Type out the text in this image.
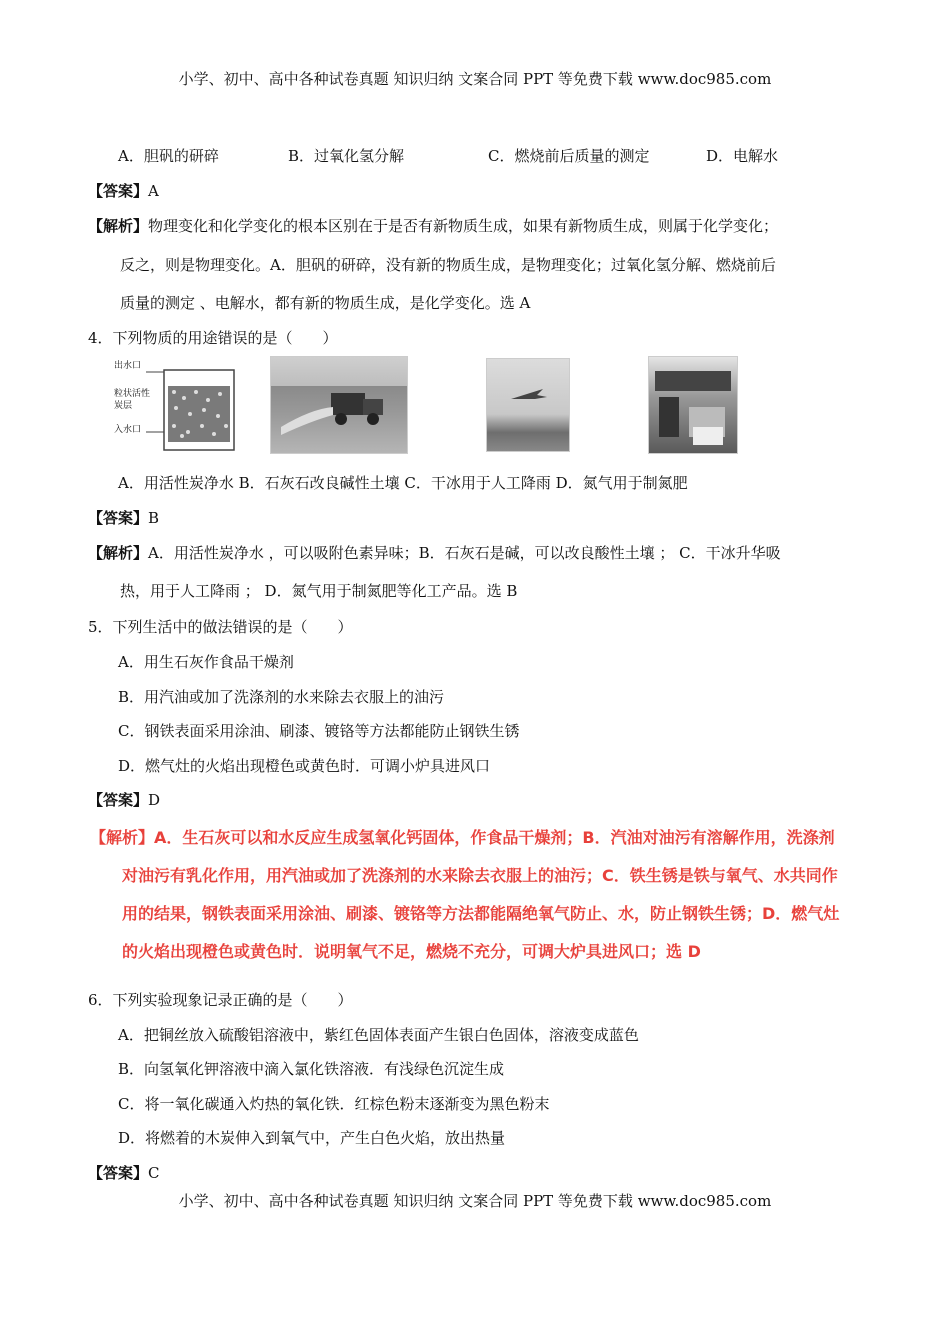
小学、初中、高中各种试卷真题 知识归纳 文案合同 PPT 等免费下载 www.doc985.com
A．胆矾的研碎	B．过氧化氢分解	C．燃烧前后质量的测定	D．电解水
【答案】A
【解析】物理变化和化学变化的根本区别在于是否有新物质生成，如果有新物质生成，则属于化学变化；
反之，则是物理变化。A．胆矾的研碎，没有新的物质生成，是物理变化；过氧化氢分解、燃烧前后
质量的测定 、电解水，都有新的物质生成，是化学变化。选 A
4．下列物质的用途错误的是（　　）
出水口
粒状活性炭层
入水口
A．用活性炭净水 B．石灰石改良碱性土壤 C．干冰用于人工降雨 D．氮气用于制氮肥
【答案】B
【解析】A．用活性炭净水 ，可以吸附色素异味；B．石灰石是碱，可以改良酸性土壤 ； C．干冰升华吸
热，用于人工降雨 ； D．氮气用于制氮肥等化工产品。选 B
5．下列生活中的做法错误的是（　　）
A．用生石灰作食品干燥剂
B．用汽油或加了洗涤剂的水来除去衣服上的油污
C．钢铁表面采用涂油、刷漆、镀铬等方法都能防止钢铁生锈
D．燃气灶的火焰出现橙色或黄色时．可调小炉具进风口
【答案】D
【解析】A．生石灰可以和水反应生成氢氧化钙固体，作食品干燥剂；B．汽油对油污有溶解作用，洗涤剂
对油污有乳化作用，用汽油或加了洗涤剂的水来除去衣服上的油污；C．铁生锈是铁与氧气、水共同作
用的结果，钢铁表面采用涂油、刷漆、镀铬等方法都能隔绝氧气防止、水，防止钢铁生锈；D．燃气灶
的火焰出现橙色或黄色时．说明氧气不足，燃烧不充分，可调大炉具进风口；选 D
6．下列实验现象记录正确的是（　　）
A．把铜丝放入硫酸铝溶液中，紫红色固体表面产生银白色固体，溶液变成蓝色
B．向氢氧化钾溶液中滴入氯化铁溶液．有浅绿色沉淀生成
C．将一氧化碳通入灼热的氧化铁．红棕色粉末逐渐变为黑色粉末
D．将燃着的木炭伸入到氧气中，产生白色火焰，放出热量
【答案】C
小学、初中、高中各种试卷真题 知识归纳 文案合同 PPT 等免费下载 www.doc985.com
